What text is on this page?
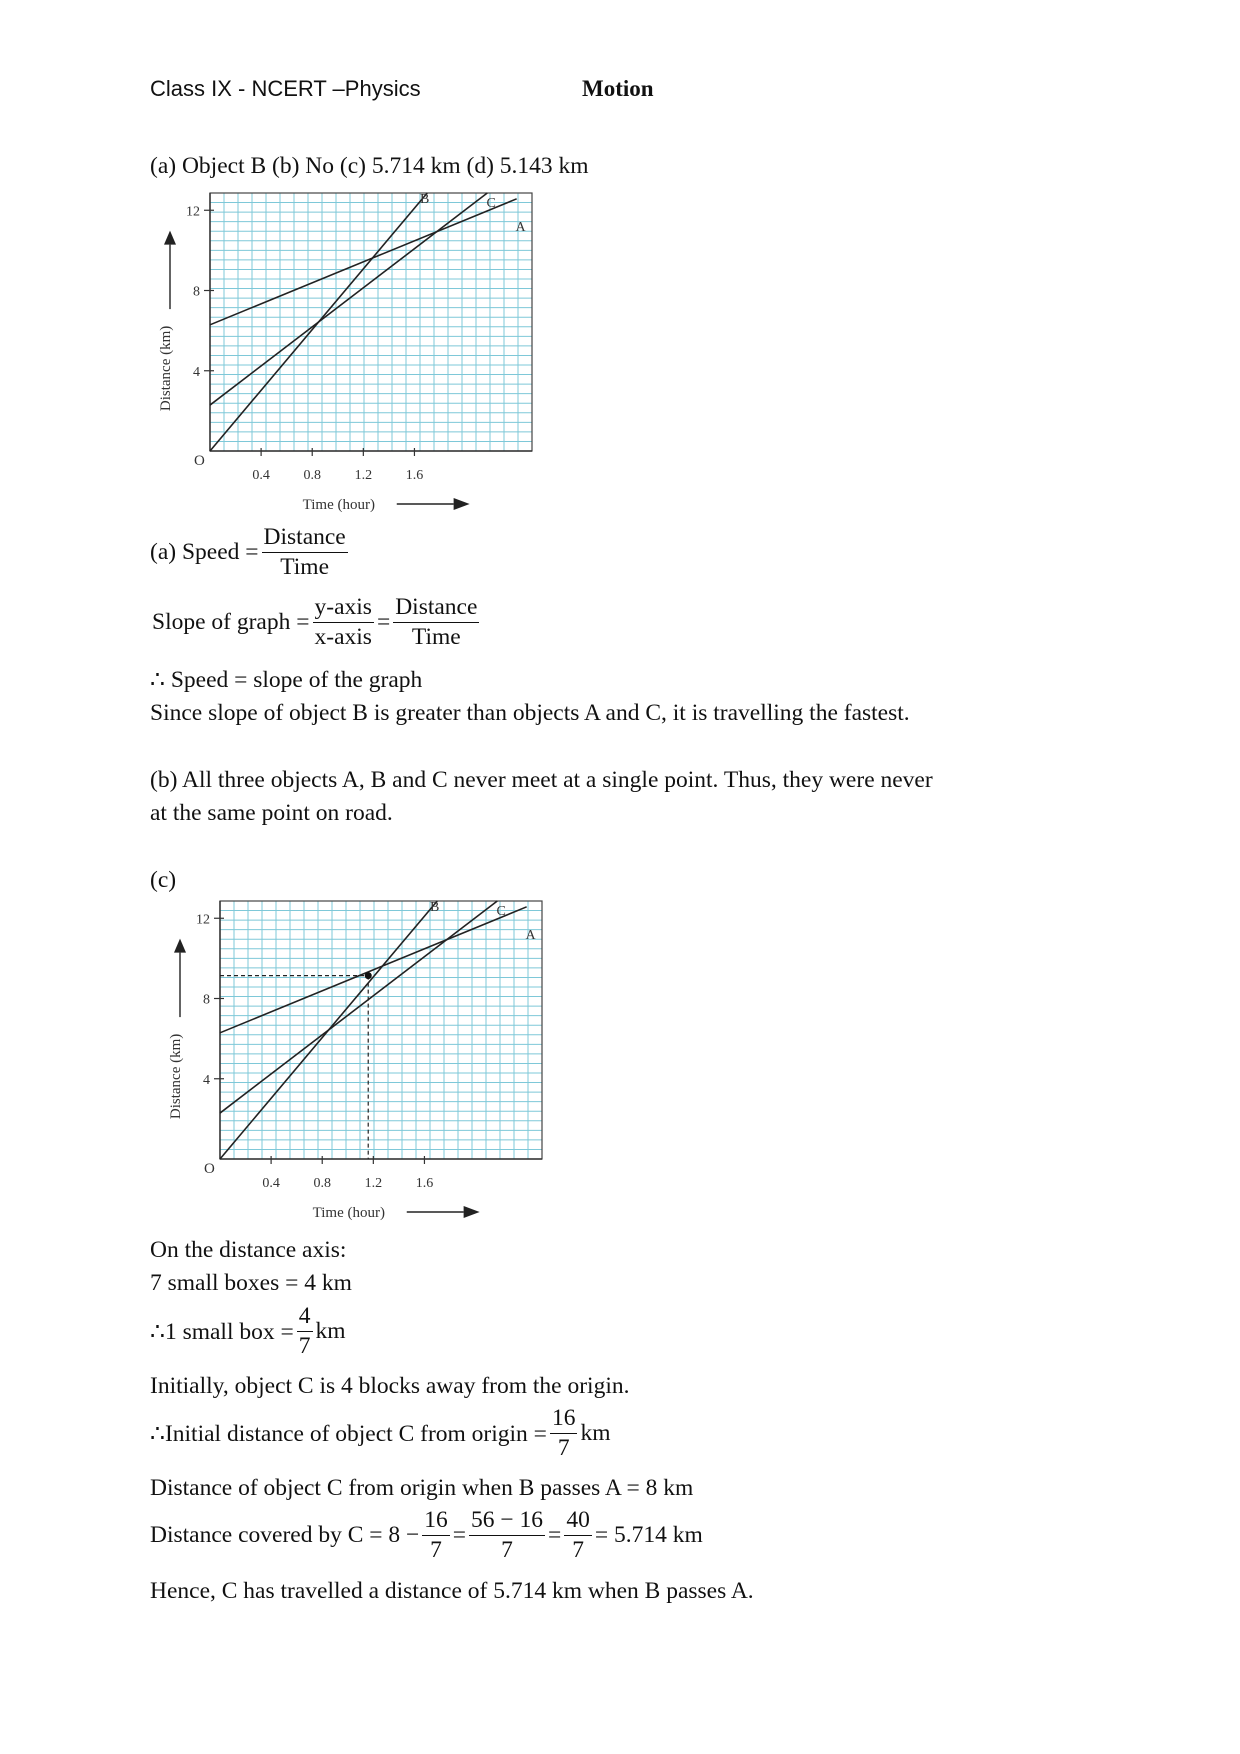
Class IX - NCERT –Physics	Motion
(a) Object B (b) No (c) 5.714 km (d) 5.143 km
4
8
12
0.4 0.8 1.2 1.6
O
Distance (km)
Time (hour)
B	C
A
(a) Speed = $\frac{\text{Distance}}{\text{Time}}$
Slope of graph = $\frac{\text{y-axis}}{\text{x-axis}} = \frac{\text{Distance}}{\text{Time}}$
∴ Speed = slope of the graph
Since slope of object B is greater than objects A and C, it is travelling the fastest.
(b) All three objects A, B and C never meet at a single point. Thus, they were never
at the same point on road.
(c)
4
8
12
0.4 0.8 1.2 1.6
O
Distance (km)
Time (hour)
B	C
A
On the distance axis:
7 small boxes = 4 km
∴1 small box = $\frac{4}{7}$ km
Initially, object C is 4 blocks away from the origin.
∴Initial distance of object C from origin = $\frac{16}{7}$ km
Distance of object C from origin when B passes A = 8 km
Distance covered by $C = 8 - \frac{16}{7} = \frac{56 - 16}{7} = \frac{40}{7} = 5.714$ km
Hence, C has travelled a distance of 5.714 km when B passes A.
